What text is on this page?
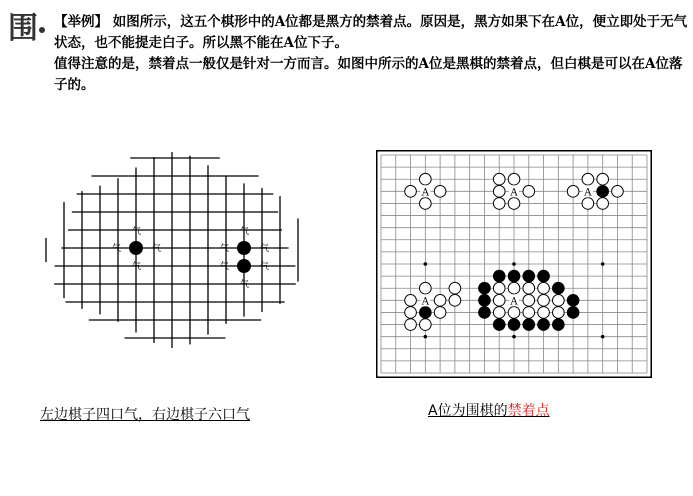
围	【举例】 如图所示，这五个棋形中的A位都是黑方的禁着点。原因是，黑方如果下在A位，便立即处于无气状态，也不能提走白子。所以黑不能在A位下子。

值得注意的是，禁着点一般仅是针对一方而言。如图中所示的A位是黑棋的禁着点，但白棋是可以在A位落子的。

气
气
气	气
气
气
气	气
气	气
A	A	A
A	A
左边棋子四口气，右边棋子六口气	A位为围棋的禁着点
